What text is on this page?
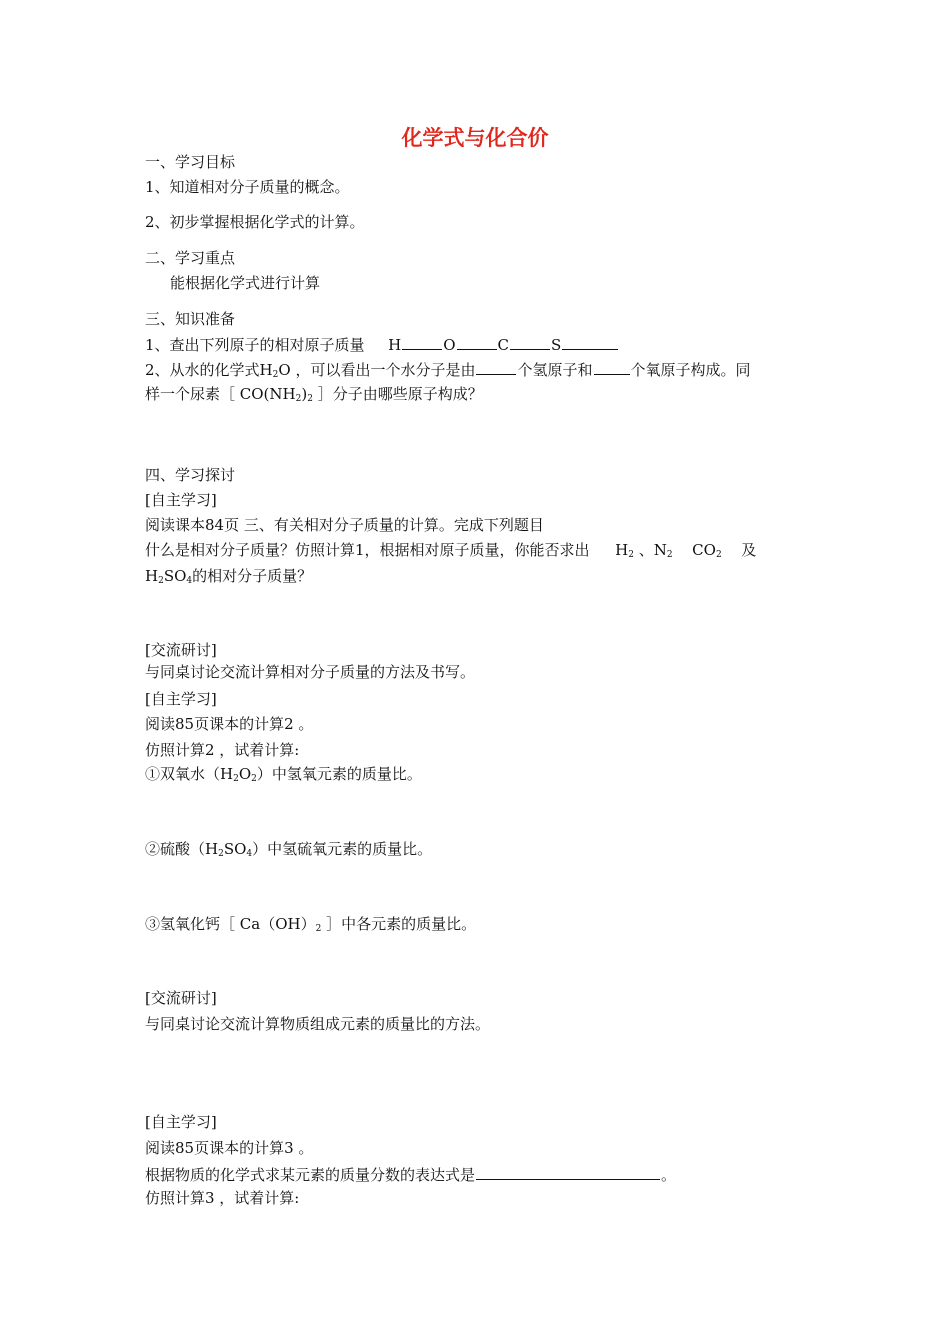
化学式与化合价
一、学习目标
1、知道相对分子质量的概念。
2、初步掌握根据化学式的计算。
二、学习重点
能根据化学式进行计算
三、知识准备
1、查出下列原子的相对原子质量 H	O	C	S
2、从水的化学式$H_2O$ ，可以看出一个水分子是由	个氢原子和	个氧原子构成。同
样一个尿素［ $CO(NH_2)_2$ ］分子由哪些原子构成？
四、学习探讨
[自主学习]
阅读课本84页 三、有关相对分子质量的计算。完成下列题目
什么是相对分子质量？仿照计算1，根据相对原子质量，你能否求出 $H_2$ 、$N_2$ $CO_2$ 及
$H_2SO_4$的相对分子质量？
[交流研讨]
与同桌讨论交流计算相对分子质量的方法及书写。
[自主学习]
阅读85页课本的计算2 。
仿照计算2 ，试着计算:
①双氧水$(H_2O_2)$中氢氧元素的质量比。
②硫酸$(H_2SO_4)$中氢硫氧元素的质量比。
③氢氧化钙［ $Ca(OH)_2$ ］中各元素的质量比。
[交流研讨]
与同桌讨论交流计算物质组成元素的质量比的方法。
[自主学习]
阅读85页课本的计算3 。
根据物质的化学式求某元素的质量分数的表达式是	。
仿照计算3 ，试着计算:
